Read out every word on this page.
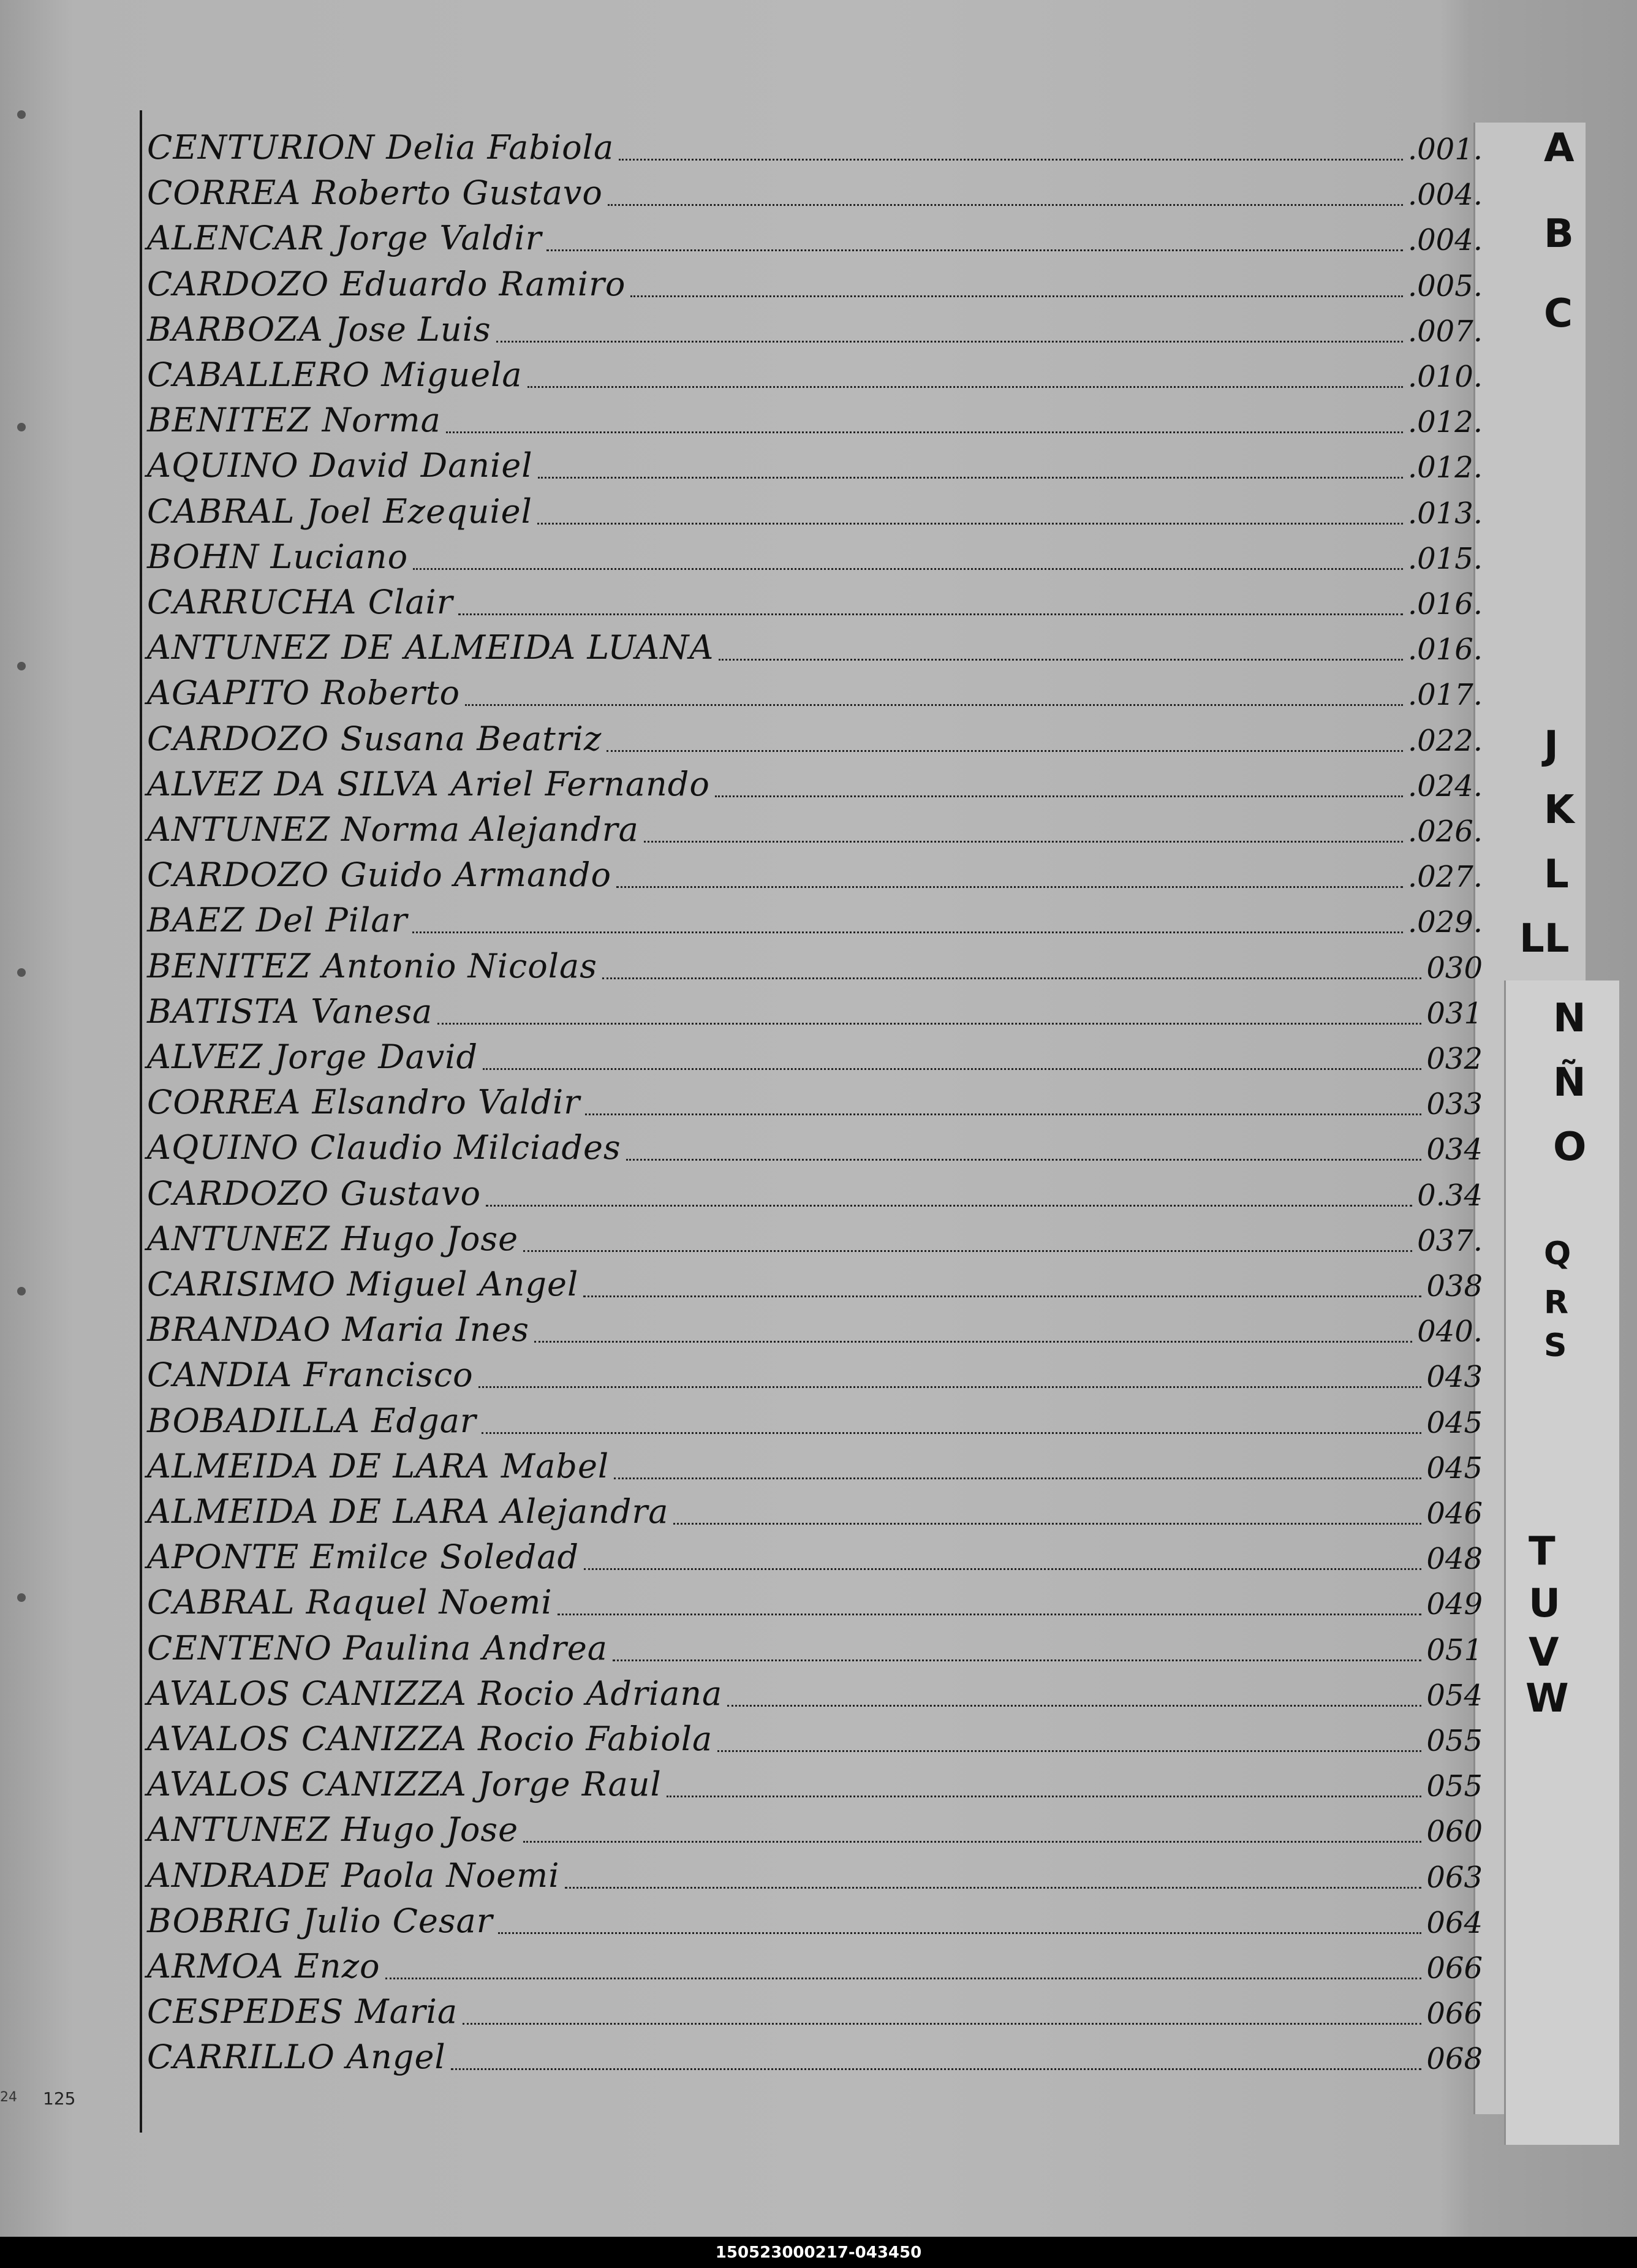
CENTURION Delia Fabiola	.001.
CORREA Roberto Gustavo	.004.
ALENCAR Jorge Valdir	.004.
CARDOZO Eduardo Ramiro	.005.
BARBOZA Jose Luis	.007.
CABALLERO Miguela	.010.
BENITEZ Norma	.012.
AQUINO David Daniel	.012.
CABRAL Joel Ezequiel	.013.
BOHN Luciano	.015.
CARRUCHA Clair	.016.
ANTUNEZ DE ALMEIDA LUANA	.016.
AGAPITO Roberto	.017.
CARDOZO Susana Beatriz	.022.
ALVEZ DA SILVA Ariel Fernando	.024.
ANTUNEZ Norma Alejandra	.026.
CARDOZO Guido Armando	.027.
BAEZ Del Pilar	.029.
BENITEZ Antonio Nicolas	030
BATISTA Vanesa	031
ALVEZ Jorge David	032
CORREA Elsandro Valdir	033
AQUINO Claudio Milciades	034
CARDOZO Gustavo	0.34
ANTUNEZ Hugo Jose	037.
CARISIMO Miguel Angel	038
BRANDAO Maria Ines	040.
CANDIA Francisco	043
BOBADILLA Edgar	045
ALMEIDA DE LARA Mabel	045
ALMEIDA DE LARA Alejandra	046
APONTE Emilce Soledad	048
CABRAL Raquel Noemi	049
CENTENO Paulina Andrea	051
AVALOS CANIZZA Rocio Adriana	054
AVALOS CANIZZA Rocio Fabiola	055
AVALOS CANIZZA Jorge Raul	055
ANTUNEZ Hugo Jose	060
ANDRADE Paola Noemi	063
BOBRIG Julio Cesar	064
ARMOA Enzo	066
CESPEDES Maria	066
CARRILLO Angel	068
A
B
C
J
K
L
LL
N
Ñ
O
Q
R
S
T
U
V
W
24 125
150523000217-043450
